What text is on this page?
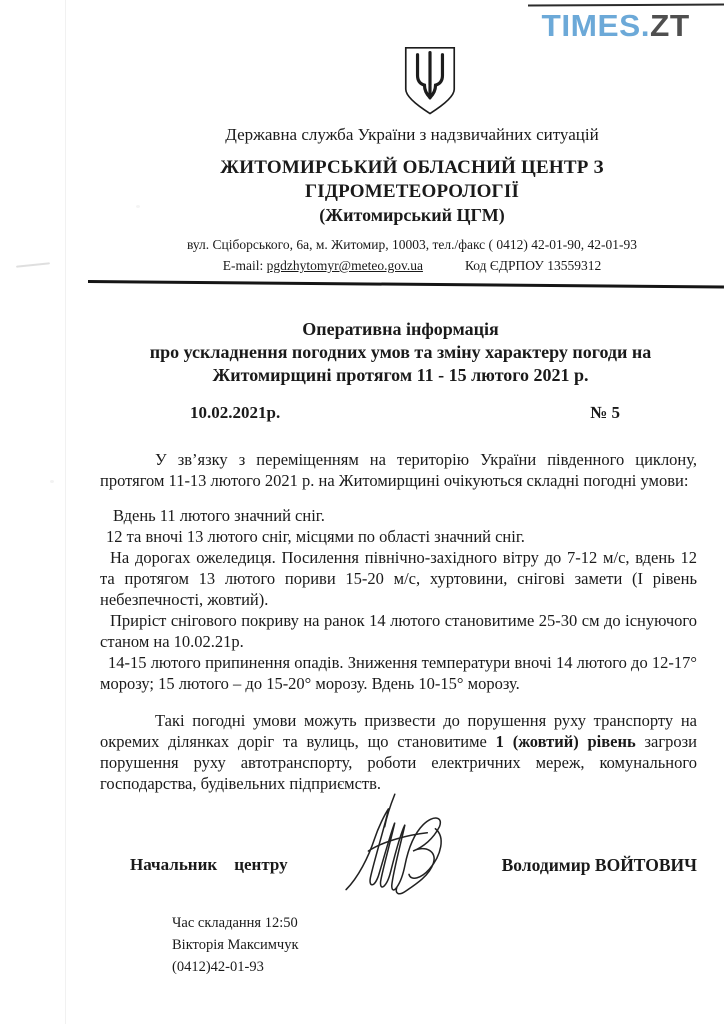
TIMES.ZT
Державна служба України з надзвичайних ситуацій
ЖИТОМИРСЬКИЙ ОБЛАСНИЙ ЦЕНТР З ГІДРОМЕТЕОРОЛОГІЇ
(Житомирський ЦГМ)
вул. Сціборського, 6а, м. Житомир, 10003, тел./факс ( 0412) 42-01-90, 42-01-93
E-mail: pgdzhytomyr@meteo.gov.ua	Код ЄДРПОУ 13559312
Оперативна інформація
про ускладнення погодних умов та зміну характеру погоди на
Житомирщині протягом 11 - 15 лютого 2021 р.
10.02.2021р.	№ 5

У зв’язку з переміщенням на територію України південного циклону, протягом 11-13 лютого 2021 р. на Житомирщині очікуються складні погодні умови:

Вдень 11 лютого значний сніг.

12 та вночі 13 лютого сніг, місцями по області значний сніг.

На дорогах ожеледиця. Посилення північно-західного вітру до 7-12 м/с, вдень 12 та протягом 13 лютого пориви 15-20 м/с, хуртовини, снігові замети (І рівень небезпечності, жовтий).

Приріст снігового покриву на ранок 14 лютого становитиме 25-30 см до існуючого станом на 10.02.21р.

14-15 лютого припинення опадів. Зниження температури вночі 14 лютого до 12-17° морозу; 15 лютого – до 15-20° морозу. Вдень 10-15° морозу.

Такі погодні умови можуть призвести до порушення руху транспорту на окремих ділянках доріг та вулиць, що становитиме 1 (жовтий) рівень загрози порушення руху автотранспорту, роботи електричних мереж, комунального господарства, будівельних підприємств.

Начальник    центру	Володимир ВОЙТОВИЧ
Час складання 12:50
Вікторія Максимчук
(0412)42-01-93
